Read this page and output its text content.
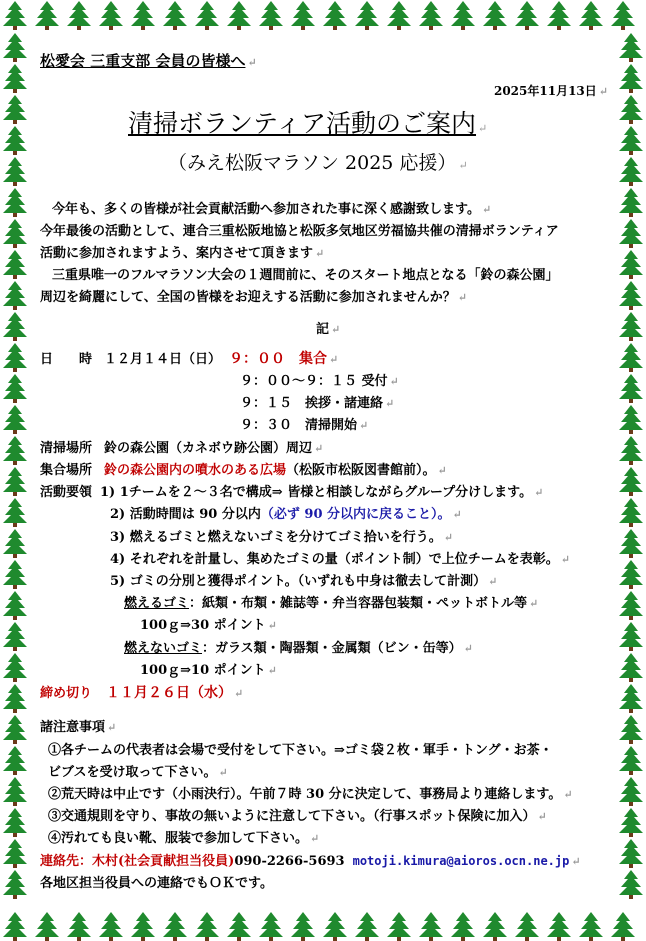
松愛会 三重支部 会員の皆様へ ↵
2025年11月13日 ↵
清掃ボランティア活動のご案内 ↵
（みえ松阪マラソン 2025 応援） ↵
今年も、多くの皆様が社会貢献活動へ参加された事に深く感謝致します。 ↵
今年最後の活動として、連合三重松阪地協と松阪多気地区労福協共催の清掃ボランティア
活動に参加されますよう、案内させて頂きます ↵
三重県唯一のフルマラソン大会の１週間前に、そのスタート地点となる「鈴の森公園」
周辺を綺麗にして、全国の皆様をお迎えする活動に参加されませんか？ ↵
記 ↵
日　　時 １２月１４日（日） ９：００　集合 ↵
９：００～９：１５ 受付 ↵
９：１５　挨拶・諸連絡 ↵
９：３０　清掃開始 ↵
清掃場所 鈴の森公園（カネボウ跡公園）周辺 ↵
集合場所 鈴の森公園内の噴水のある広場（松阪市松阪図書館前）。 ↵
活動要領 1) 1チームを２～３名で構成⇒ 皆様と相談しながらグループ分けします。 ↵
2) 活動時間は 90 分以内（必ず 90 分以内に戻ること）。 ↵
3) 燃えるゴミと燃えないゴミを分けてゴミ拾いを行う。 ↵
4) それぞれを計量し、集めたゴミの量（ポイント制）で上位チームを表彰。 ↵
5) ゴミの分別と獲得ポイント。（いずれも中身は徹去して計測） ↵
燃えるゴミ：紙類・布類・雑誌等・弁当容器包装類・ペットボトル等 ↵
100ｇ⇒30 ポイント ↵
燃えないゴミ：ガラス類・陶器類・金属類（ビン・缶等） ↵
100ｇ⇒10 ポイント ↵
締め切り １１月２６日（水） ↵
諸注意事項 ↵
①各チームの代表者は会場で受付をして下さい。⇒ゴミ袋２枚・軍手・トング・お茶・
ビブスを受け取って下さい。 ↵
②荒天時は中止です（小雨決行）。午前７時 30 分に決定して、事務局より連絡します。 ↵
③交通規則を守り、事故の無いように注意して下さい。（行事スポット保険に加入） ↵
④汚れても良い靴、服装で参加して下さい。 ↵
連絡先：木村(社会貢献担当役員)090-2266-5693 motoji.kimura@aioros.ocn.ne.jp ↵
各地区担当役員への連絡でもＯＫです。
